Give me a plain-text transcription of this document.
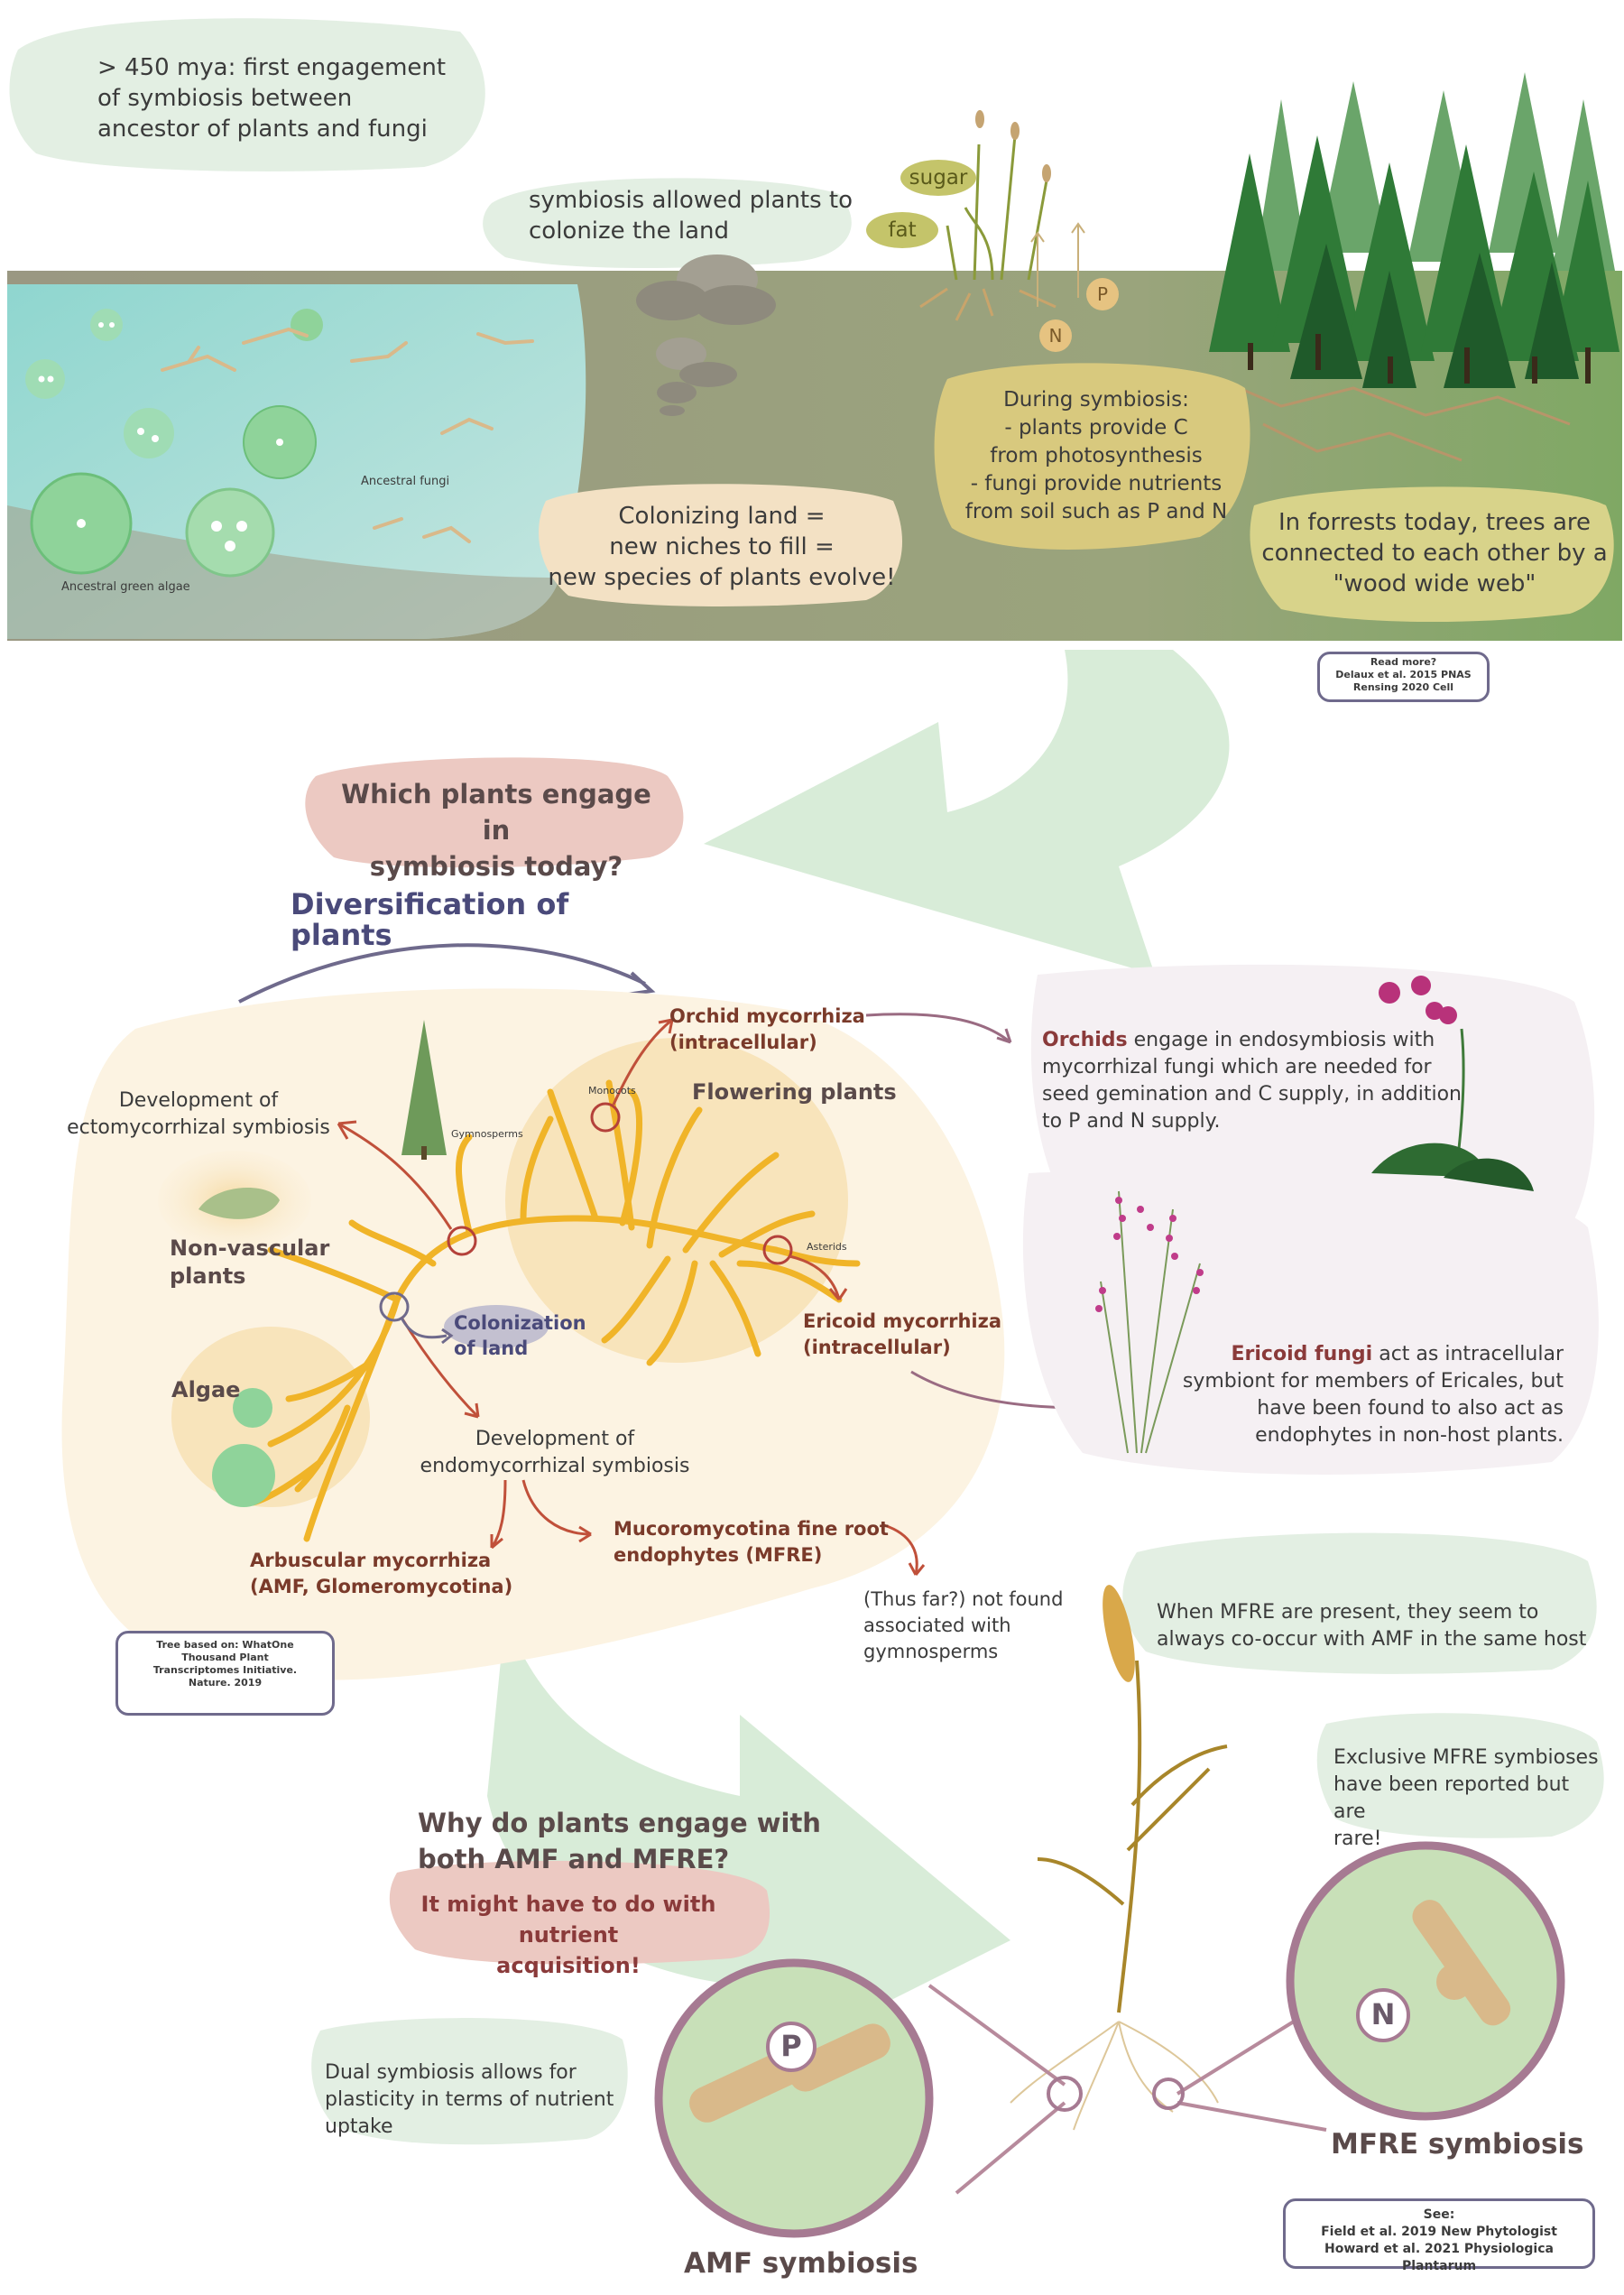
> 450 mya: first engagement
of symbiosis between
ancestor of plants and fungi

symbiosis allowed plants to
colonize the land

sugar

fat

P

N

Ancestral fungi

Ancestral green algae

During symbiosis:
- plants provide C
from photosynthesis
- fungi provide nutrients
from soil such as P and N

Colonizing land =
new niches to fill =
new species of plants evolve!

In forrests today, trees are
connected to each other by a
"wood wide web"

Read more?
Delaux et al. 2015 PNAS
Rensing 2020 Cell

Which plants engage in
symbiosis today?

Diversification of plants

Orchid mycorrhiza
(intracellular)

Flowering plants

Monocots

Gymnosperms

Development of
ectomycorrhizal symbiosis

Non-vascular
plants

Asterids

Colonization
of land

Algae

Ericoid mycorrhiza
(intracellular)

Development of
endomycorrhizal symbiosis

Arbuscular mycorrhiza
(AMF, Glomeromycotina)

Mucoromycotina fine root
endophytes (MFRE)

(Thus far?) not found
associated with
gymnosperms

Tree based on: WhatOne
Thousand Plant
Transcriptomes Initiative.
Nature. 2019

Orchids engage in endosymbiosis with
mycorrhizal fungi which are needed for
seed gemination and C supply, in addition
to P and N supply.

Ericoid fungi act as intracellular
symbiont for members of Ericales, but
have been found to also act as
endophytes in non-host plants.

When MFRE are present, they seem to
always co-occur with AMF in the same host

Exclusive MFRE symbioses
have been reported but are
rare!

Why do plants engage with
both AMF and MFRE?

It might have to do with nutrient
acquisition!

Dual symbiosis allows for
plasticity in terms of nutrient
uptake

P

N

AMF symbiosis

MFRE symbiosis

See:
Field et al. 2019 New Phytologist
Howard et al. 2021 Physiologica Plantarum
